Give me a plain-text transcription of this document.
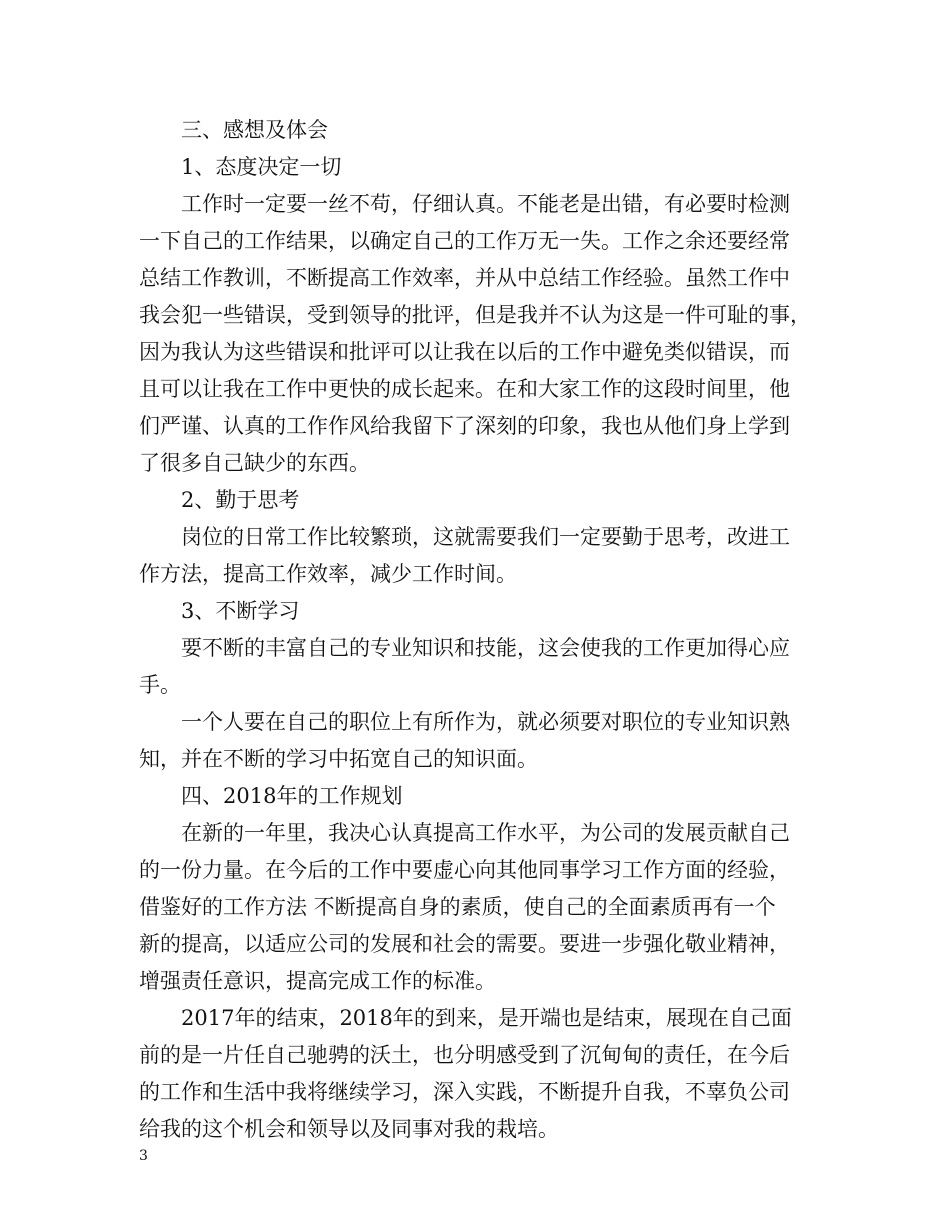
三、感想及体会
1、态度决定一切
工作时一定要一丝不苟，仔细认真。不能老是出错，有必要时检测
一下自己的工作结果，以确定自己的工作万无一失。工作之余还要经常
总结工作教训，不断提高工作效率，并从中总结工作经验。虽然工作中
我会犯一些错误，受到领导的批评，但是我并不认为这是一件可耻的事，
因为我认为这些错误和批评可以让我在以后的工作中避免类似错误，而
且可以让我在工作中更快的成长起来。在和大家工作的这段时间里，他
们严谨、认真的工作作风给我留下了深刻的印象，我也从他们身上学到
了很多自己缺少的东西。
2、勤于思考
岗位的日常工作比较繁琐，这就需要我们一定要勤于思考，改进工
作方法，提高工作效率，减少工作时间。
3、不断学习
要不断的丰富自己的专业知识和技能，这会使我的工作更加得心应
手。
一个人要在自己的职位上有所作为，就必须要对职位的专业知识熟
知，并在不断的学习中拓宽自己的知识面。
四、2018年的工作规划
在新的一年里，我决心认真提高工作水平，为公司的发展贡献自己
的一份力量。在今后的工作中要虚心向其他同事学习工作方面的经验，
借鉴好的工作方法 不断提高自身的素质，使自己的全面素质再有一个
新的提高，以适应公司的发展和社会的需要。要进一步强化敬业精神，
增强责任意识，提高完成工作的标准。
2017年的结束，2018年的到来，是开端也是结束，展现在自己面
前的是一片任自己驰骋的沃土，也分明感受到了沉甸甸的责任，在今后
的工作和生活中我将继续学习，深入实践，不断提升自我，不辜负公司
给我的这个机会和领导以及同事对我的栽培。
3
